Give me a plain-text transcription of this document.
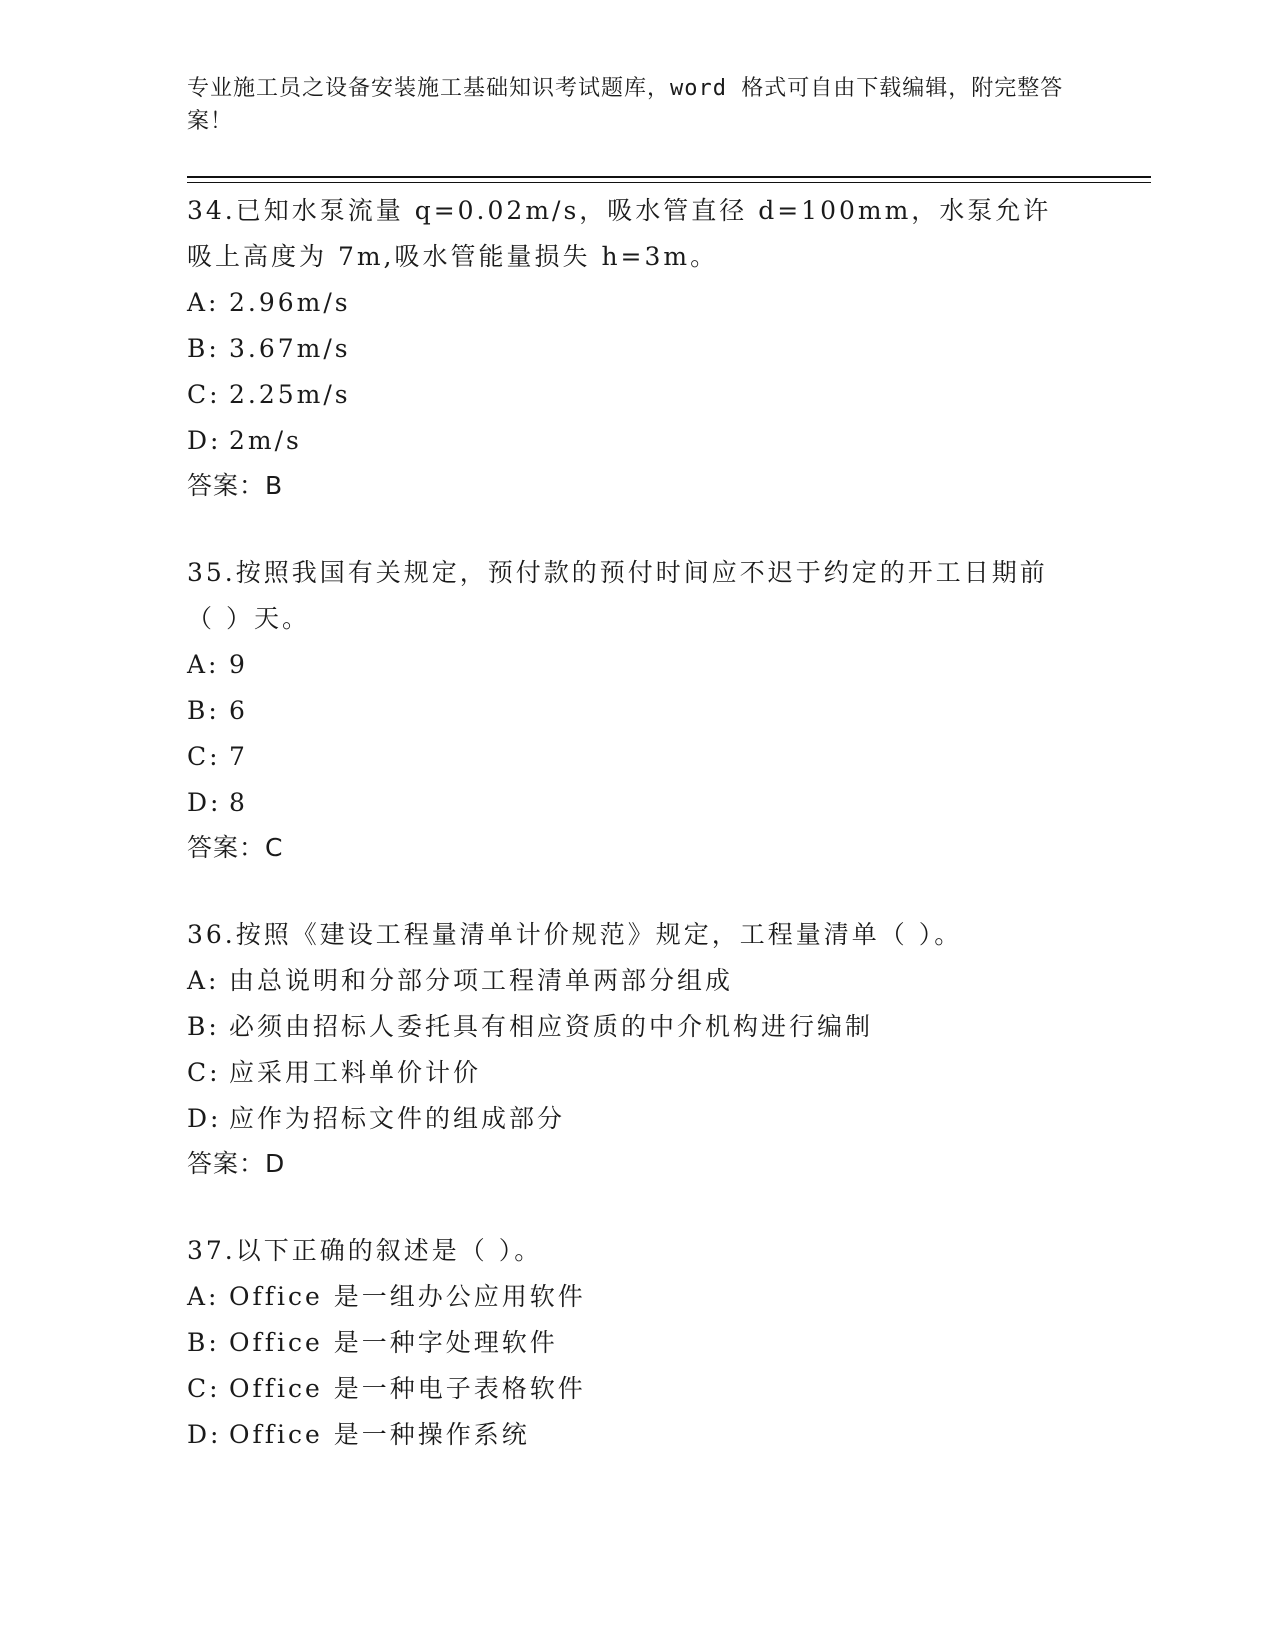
专业施工员之设备安装施工基础知识考试题库，word 格式可自由下载编辑，附完整答案！

34.已知水泵流量 q=0.02m/s，吸水管直径 d=100mm，水泵允许吸上高度为 7m,吸水管能量损失 h=3m。

A: 2.96m/s

B: 3.67m/s

C: 2.25m/s

D: 2m/s

答案：B

35.按照我国有关规定，预付款的预付时间应不迟于约定的开工日期前（ ）天。

A: 9

B: 6

C: 7

D: 8

答案：C

36.按照《建设工程量清单计价规范》规定，工程量清单（ ）。

A: 由总说明和分部分项工程清单两部分组成

B: 必须由招标人委托具有相应资质的中介机构进行编制

C: 应采用工料单价计价

D: 应作为招标文件的组成部分

答案：D

37.以下正确的叙述是（ ）。

A: Office 是一组办公应用软件

B: Office 是一种字处理软件

C: Office 是一种电子表格软件

D: Office 是一种操作系统
